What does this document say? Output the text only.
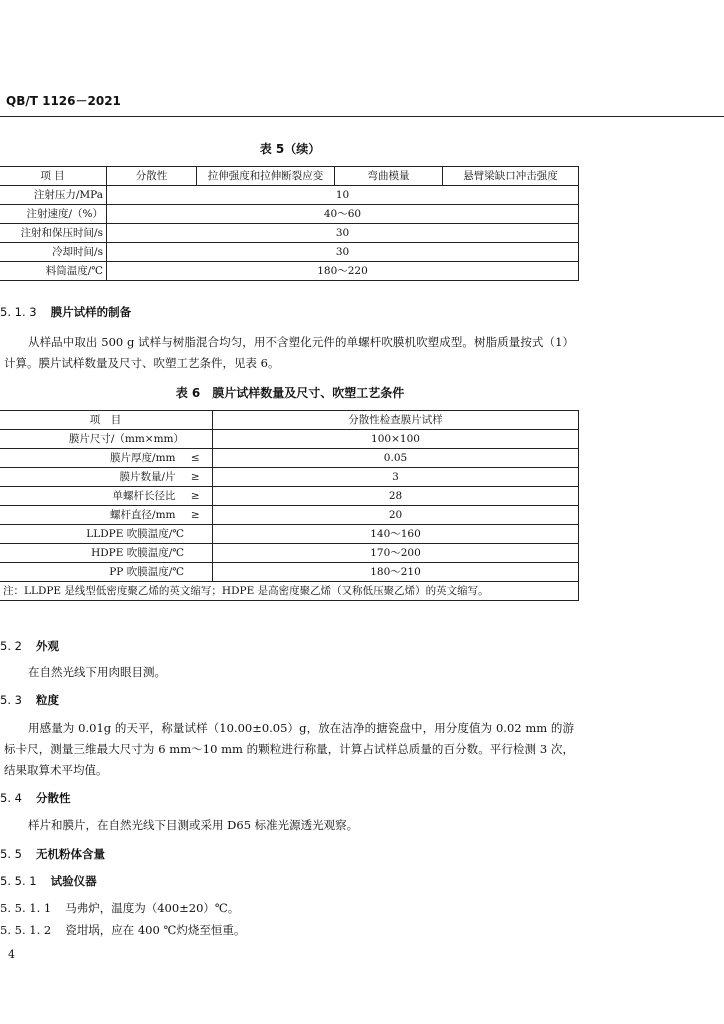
QB/T 1126－2021
表 5（续）
项 目	分散性	拉伸强度和拉伸断裂应变	弯曲模量	悬臂梁缺口冲击强度
注射压力/MPa	10			
注射速度/（%）	40～60			
注射和保压时间/s	30			
冷却时间/s	30			
料筒温度/℃	180～220			
5. 1. 3 膜片试样的制备
从样品中取出 500 g 试样与树脂混合均匀，用不含塑化元件的单螺杆吹膜机吹塑成型。树脂质量按式（1）计算。膜片试样数量及尺寸、吹塑工艺条件，见表 6。
表 6　膜片试样数量及尺寸、吹塑工艺条件
项　目		分散性检查膜片试样
膜片尺寸/（mm×mm）		100×100
膜片厚度/mm	≤	0.05
膜片数量/片	≥	3
单螺杆长径比	≥	28
螺杆直径/mm	≥	20
LLDPE 吹膜温度/℃		140～160
HDPE 吹膜温度/℃		170～200
PP 吹膜温度/℃		180～210
注：LLDPE 是线型低密度聚乙烯的英文缩写；HDPE 是高密度聚乙烯（又称低压聚乙烯）的英文缩写。		
5. 2 外观
在自然光线下用肉眼目测。
5. 3 粒度
用感量为 0.01g 的天平，称量试样（10.00±0.05）g，放在洁净的搪瓷盘中，用分度值为 0.02 mm 的游标卡尺，测量三维最大尺寸为 6 mm～10 mm 的颗粒进行称量，计算占试样总质量的百分数。平行检测 3 次，结果取算术平均值。
5. 4 分散性
样片和膜片，在自然光线下目测或采用 D65 标准光源透光观察。
5. 5 无机粉体含量
5. 5. 1 试验仪器
5. 5. 1. 1 马弗炉，温度为（400±20）℃。
5. 5. 1. 2 瓷坩埚，应在 400 ℃灼烧至恒重。
4
